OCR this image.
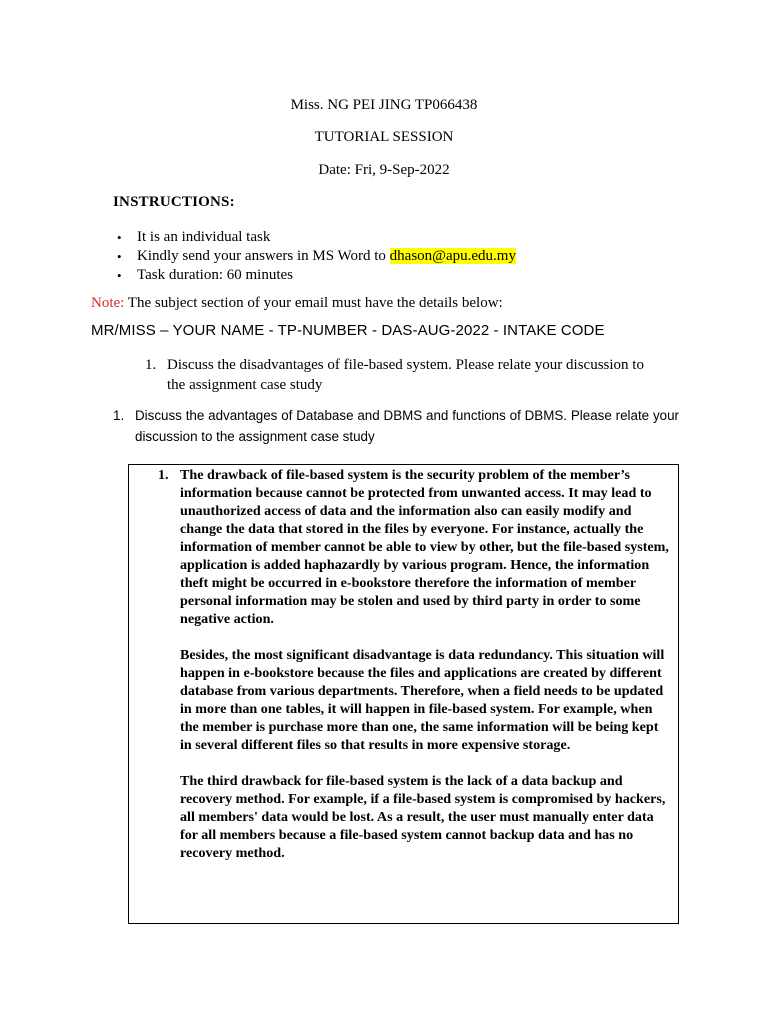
Miss. NG PEI JING TP066438
TUTORIAL SESSION
Date: Fri, 9-Sep-2022
INSTRUCTIONS:
• It is an individual task
• Kindly send your answers in MS Word to dhason@apu.edu.my
• Task duration: 60 minutes
Note: The subject section of your email must have the details below:
MR/MISS – YOUR NAME - TP-NUMBER - DAS-AUG-2022 - INTAKE CODE
1. Discuss the disadvantages of file-based system. Please relate your discussion to the assignment case study
1. Discuss the advantages of Database and DBMS and functions of DBMS. Please relate your discussion to the assignment case study
1. The drawback of file-based system is the security problem of the member’s information because cannot be protected from unwanted access. It may lead to unauthorized access of data and the information also can easily modify and change the data that stored in the files by everyone. For instance, actually the information of member cannot be able to view by other, but the file-based system, application is added haphazardly by various program. Hence, the information theft might be occurred in e-bookstore therefore the information of member personal information may be stolen and used by third party in order to some negative action.
Besides, the most significant disadvantage is data redundancy. This situation will happen in e-bookstore because the files and applications are created by different database from various departments. Therefore, when a field needs to be updated in more than one tables, it will happen in file-based system. For example, when the member is purchase more than one, the same information will be being kept in several different files so that results in more expensive storage.
The third drawback for file-based system is the lack of a data backup and recovery method. For example, if a file-based system is compromised by hackers, all members' data would be lost. As a result, the user must manually enter data for all members because a file-based system cannot backup data and has no recovery method.
